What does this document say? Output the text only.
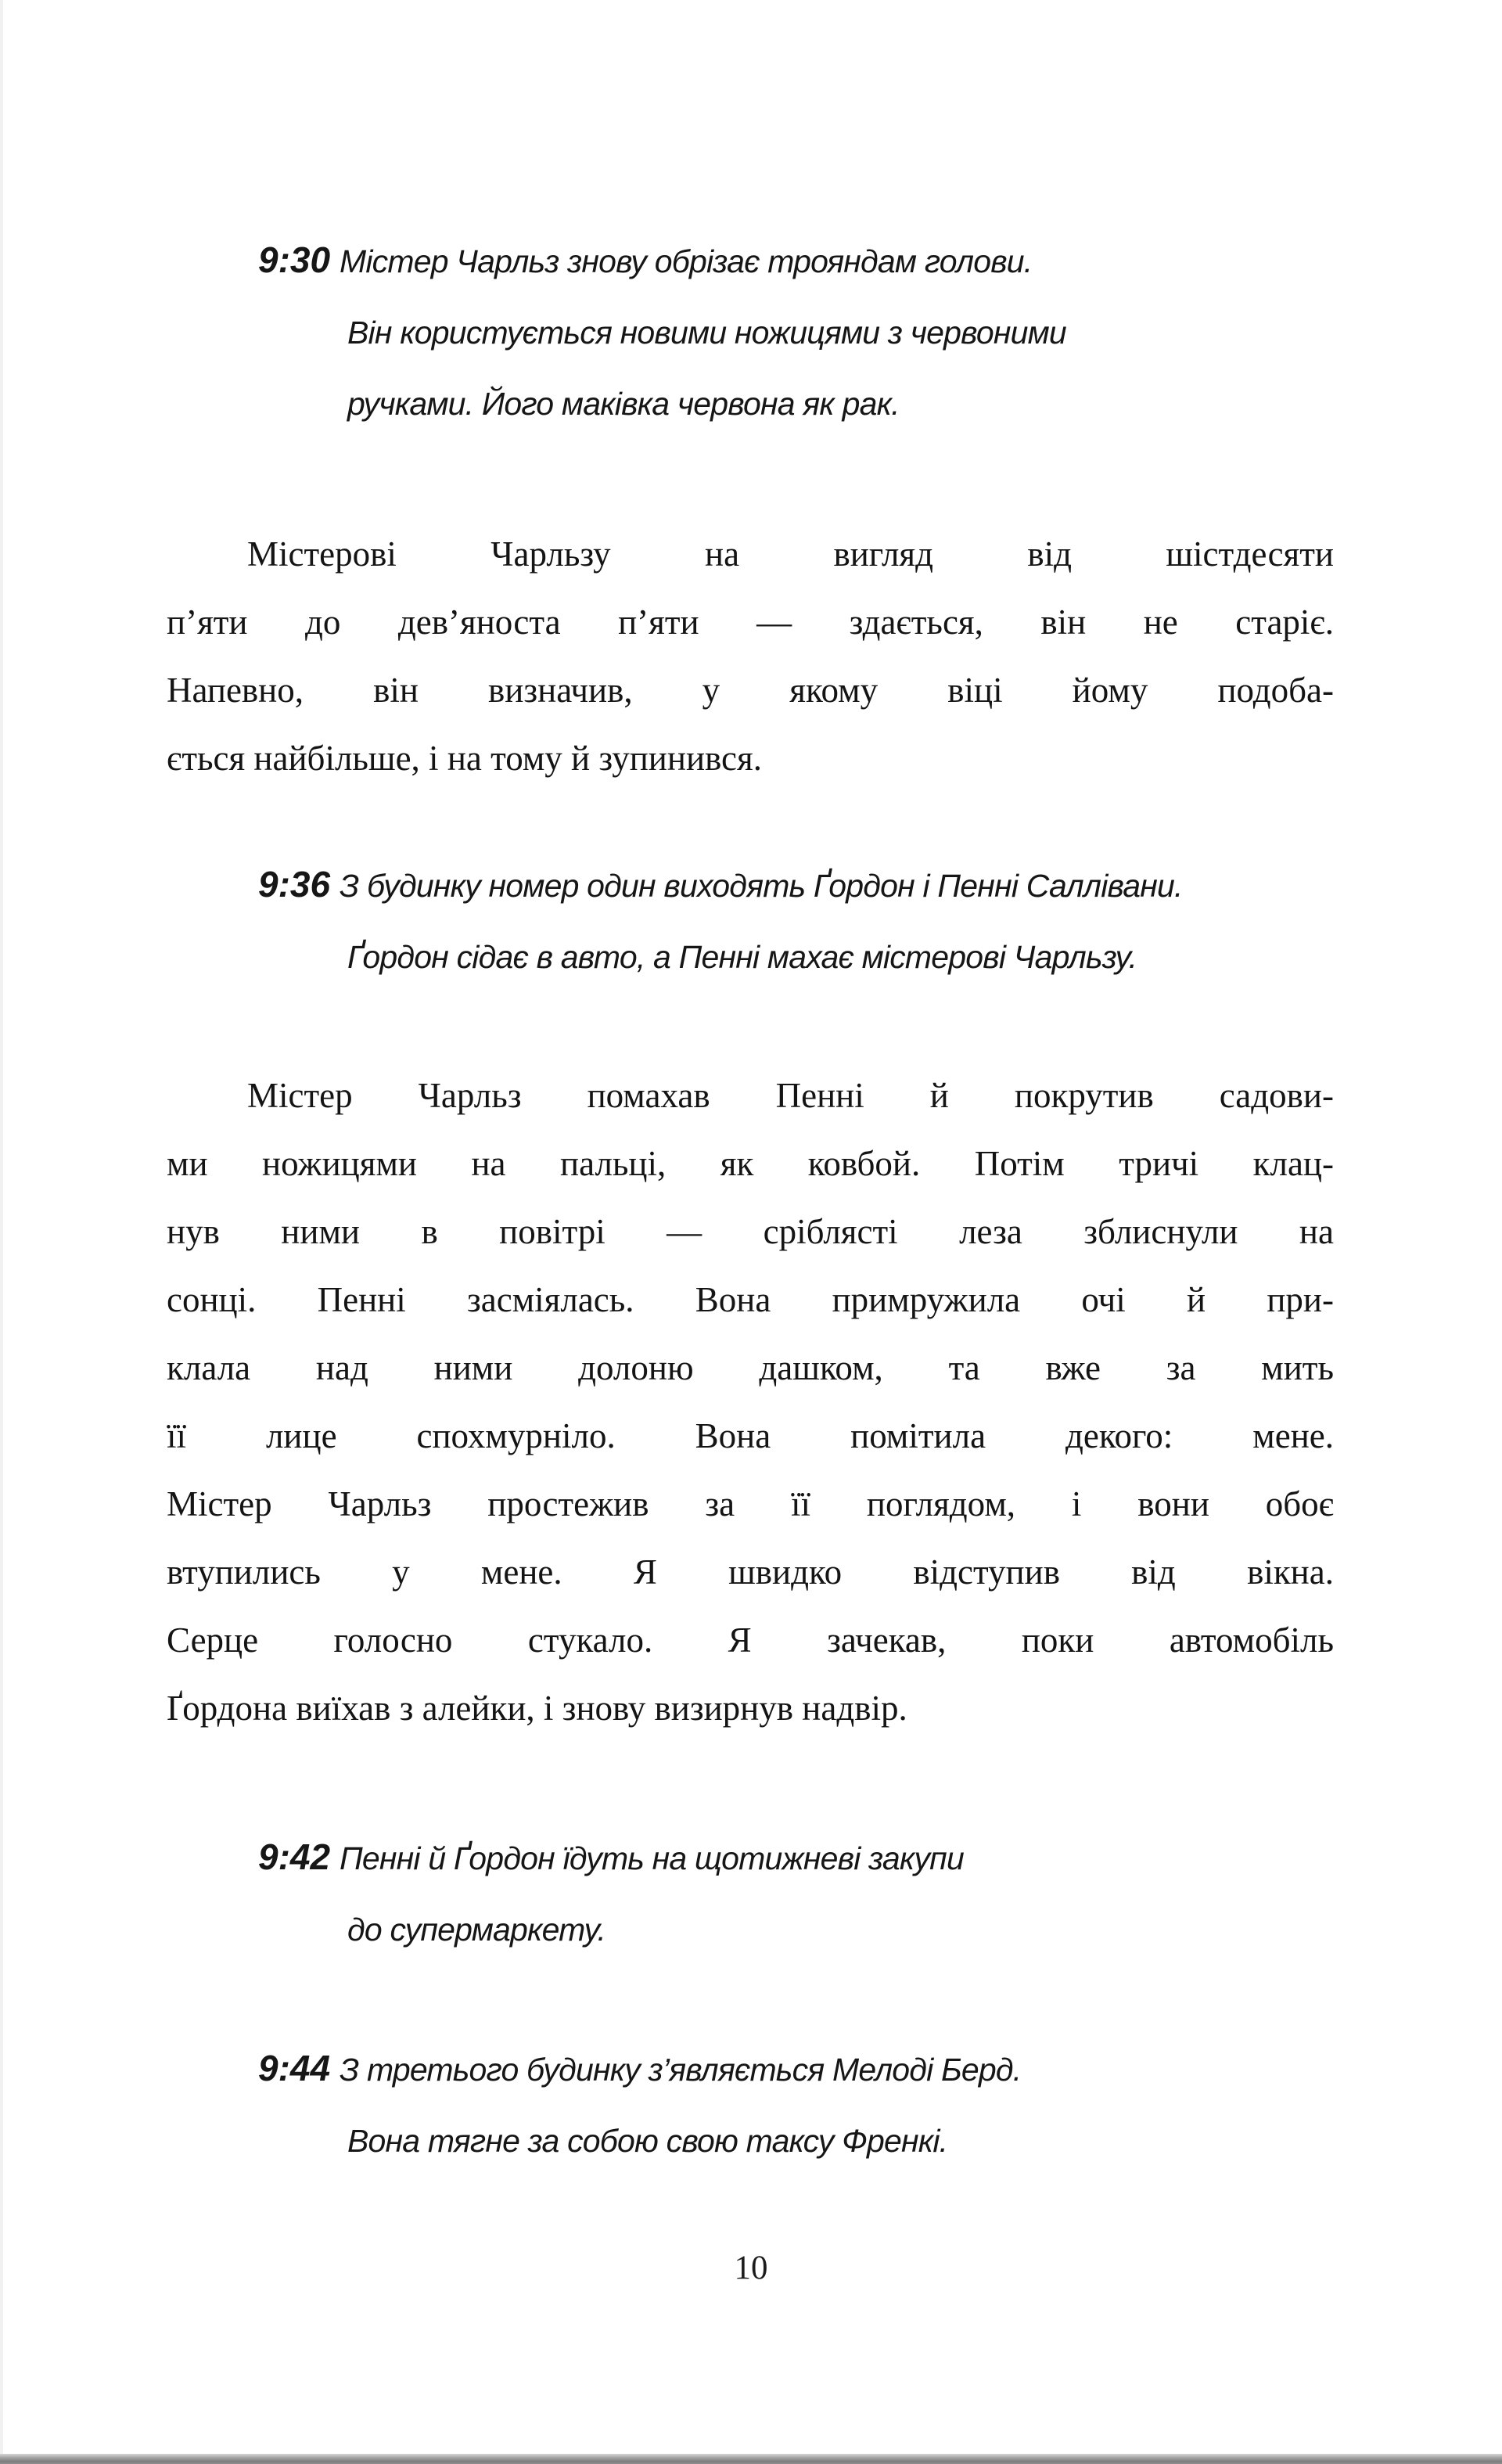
9:30 Містер Чарльз знову обрізає трояндам голови.
Він користується новими ножицями з червоними
ручками. Його маківка червона як рак.
Містерові Чарльзу на вигляд від шістдесяти
п’яти до дев’яноста п’яти — здається, він не старіє.
Напевно, він визначив, у якому віці йому подоба-
ється найбільше, і на тому й зупинився.
9:36 З будинку номер один виходять Ґордон і Пенні Саллівани.
Ґордон сідає в авто, а Пенні махає містерові Чарльзу.
Містер Чарльз помахав Пенні й покрутив садови-
ми ножицями на пальці, як ковбой. Потім тричі клац-
нув ними в повітрі — сріблясті леза зблиснули на
сонці. Пенні засміялась. Вона примружила очі й при-
клала над ними долоню дашком, та вже за мить
її лице спохмурніло. Вона помітила декого: мене.
Містер Чарльз простежив за її поглядом, і вони обоє
втупились у мене. Я швидко відступив від вікна.
Серце голосно стукало. Я зачекав, поки автомобіль
Ґордона виїхав з алейки, і знову визирнув надвір.
9:42 Пенні й Ґордон їдуть на щотижневі закупи
до супермаркету.
9:44 З третього будинку з’являється Мелоді Берд.
Вона тягне за собою свою таксу Френкі.
10
